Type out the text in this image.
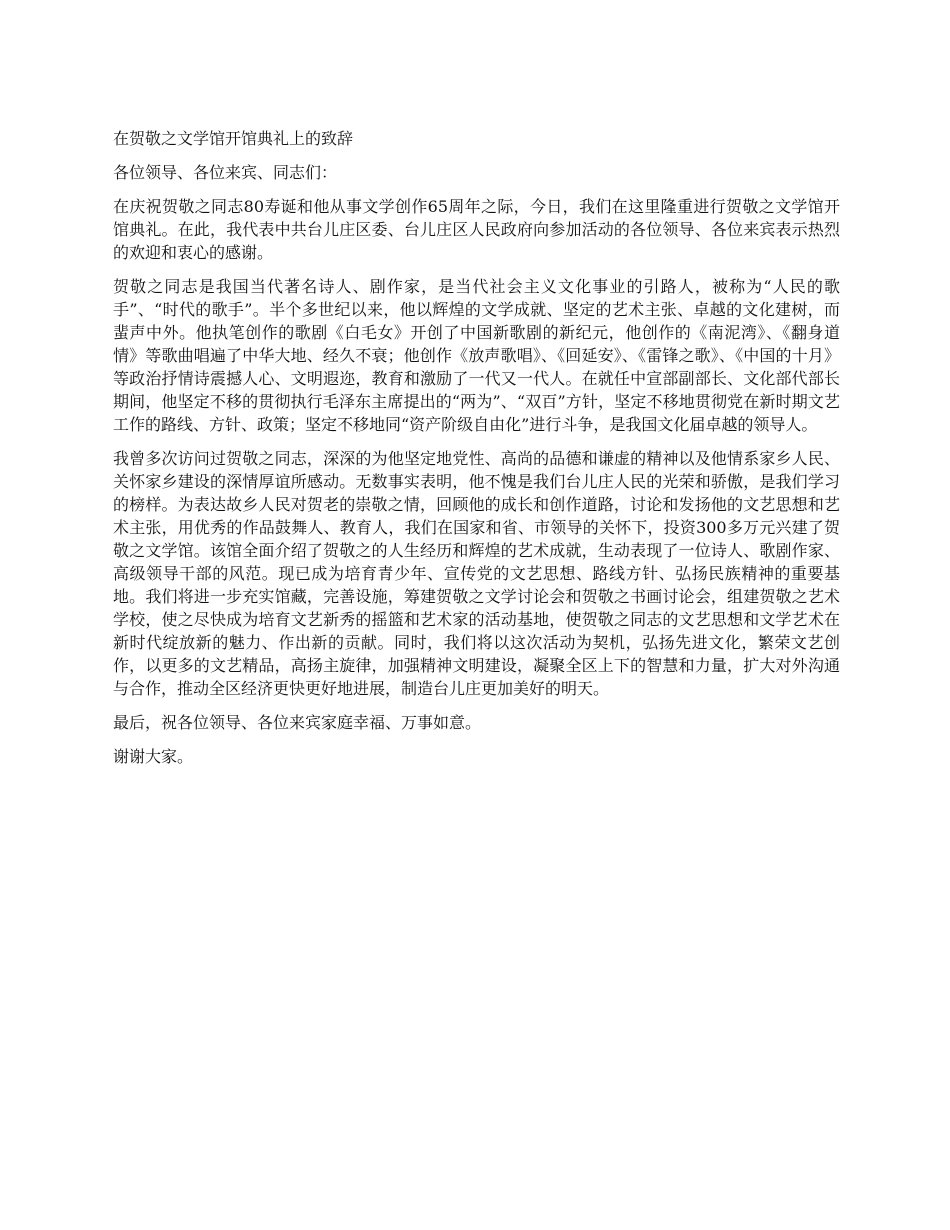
在贺敬之文学馆开馆典礼上的致辞

各位领导、各位来宾、同志们：

在庆祝贺敬之同志80寿诞和他从事文学创作65周年之际，今日，我们在这里隆重进行贺敬之文学馆开馆典礼。在此，我代表中共台儿庄区委、台儿庄区人民政府向参加活动的各位领导、各位来宾表示热烈的欢迎和衷心的感谢。

贺敬之同志是我国当代著名诗人、剧作家，是当代社会主义文化事业的引路人，被称为“人民的歌手”、“时代的歌手”。半个多世纪以来，他以辉煌的文学成就、坚定的艺术主张、卓越的文化建树，而蜚声中外。他执笔创作的歌剧《白毛女》开创了中国新歌剧的新纪元，他创作的《南泥湾》、《翻身道情》等歌曲唱遍了中华大地、经久不衰；他创作《放声歌唱》、《回延安》、《雷锋之歌》、《中国的十月》等政治抒情诗震撼人心、文明遐迩，教育和激励了一代又一代人。在就任中宣部副部长、文化部代部长期间，他坚定不移的贯彻执行毛泽东主席提出的“两为”、“双百”方针，坚定不移地贯彻党在新时期文艺工作的路线、方针、政策；坚定不移地同“资产阶级自由化”进行斗争，是我国文化届卓越的领导人。

我曾多次访问过贺敬之同志，深深的为他坚定地党性、高尚的品德和谦虚的精神以及他情系家乡人民、关怀家乡建设的深情厚谊所感动。无数事实表明，他不愧是我们台儿庄人民的光荣和骄傲，是我们学习的榜样。为表达故乡人民对贺老的崇敬之情，回顾他的成长和创作道路，讨论和发扬他的文艺思想和艺术主张，用优秀的作品鼓舞人、教育人，我们在国家和省、市领导的关怀下，投资300多万元兴建了贺敬之文学馆。该馆全面介绍了贺敬之的人生经历和辉煌的艺术成就，生动表现了一位诗人、歌剧作家、高级领导干部的风范。现已成为培育青少年、宣传党的文艺思想、路线方针、弘扬民族精神的重要基地。我们将进一步充实馆藏，完善设施，筹建贺敬之文学讨论会和贺敬之书画讨论会，组建贺敬之艺术学校，使之尽快成为培育文艺新秀的摇篮和艺术家的活动基地，使贺敬之同志的文艺思想和文学艺术在新时代绽放新的魅力、作出新的贡献。同时，我们将以这次活动为契机，弘扬先进文化，繁荣文艺创作，以更多的文艺精品，高扬主旋律，加强精神文明建设，凝聚全区上下的智慧和力量，扩大对外沟通与合作，推动全区经济更快更好地进展，制造台儿庄更加美好的明天。

最后，祝各位领导、各位来宾家庭幸福、万事如意。

谢谢大家。
